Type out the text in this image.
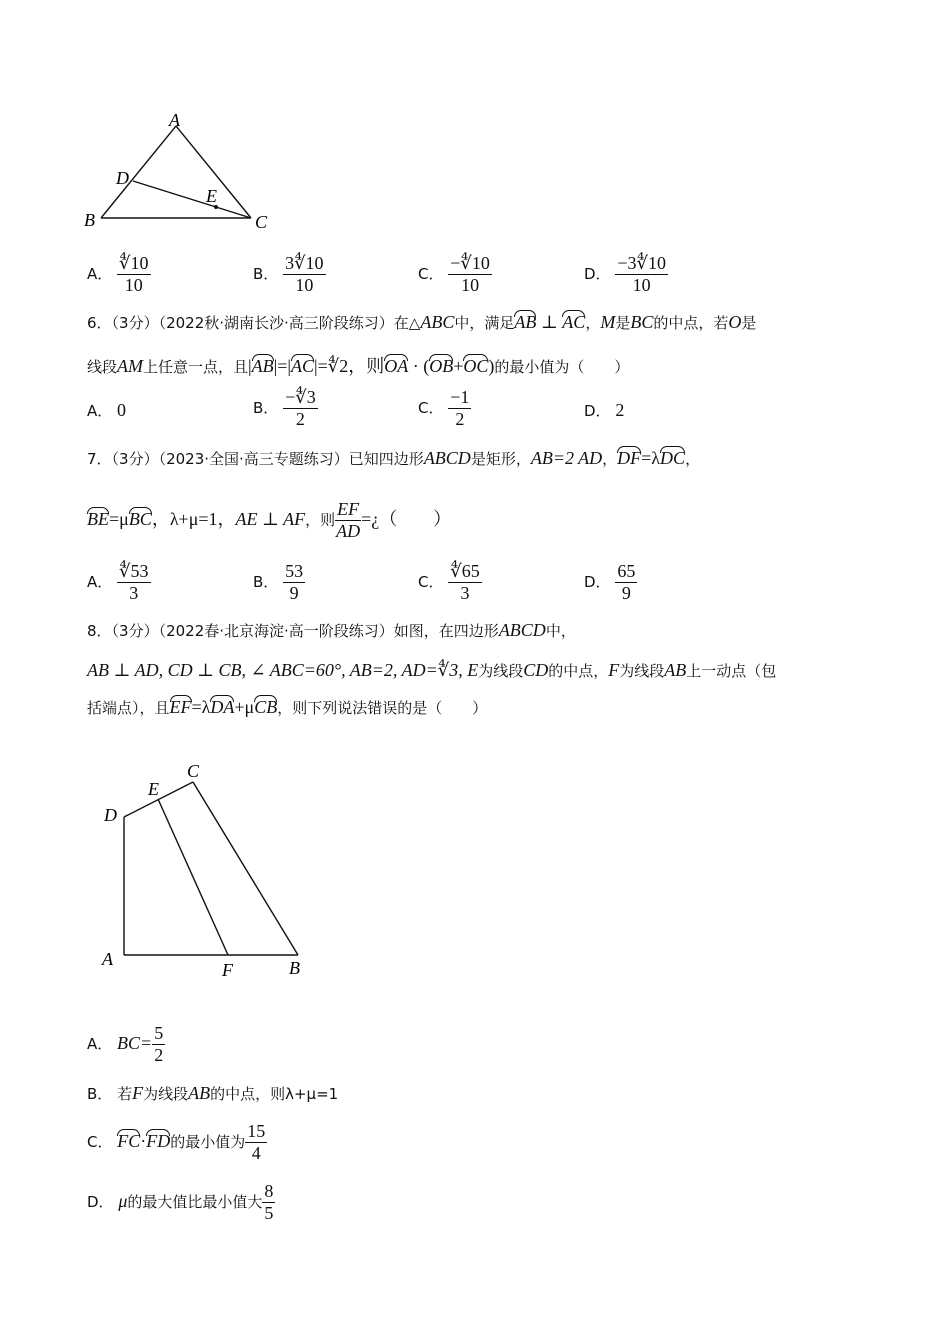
A
B	C
D
E
A． $\frac{∜10}{10}$	B． $\frac{3∜10}{10}$	C． $\frac{-∜10}{10}$	D． $\frac{-3∜10}{10}$
6．（3分）（2022秋·湖南长沙·高三阶段练习）在△ABC中，满足AB ⊥ AC，M是BC的中点，若O是
线段AM上任意一点，且|AB|=|AC|=∜2，则OA · (OB+OC)的最小值为（　　）
A． 0	B． $\frac{-∜3}{2}$	C． $\frac{-1}{2}$	D． 2
7．（3分）（2023·全国·高三专题练习）已知四边形ABCD是矩形，AB=2 AD，DF=λDC，
BE=μBC，λ+μ=1，AE ⊥ AF，则 $\frac{EF}{AD}$ =¿（　　）
A． $\frac{∜53}{3}$	B． $\frac{53}{9}$	C． $\frac{∜65}{3}$	D． $\frac{65}{9}$
8．（3分）（2022春·北京海淀·高一阶段练习）如图，在四边形ABCD中，
AB ⊥ AD, CD ⊥ CB, ∠ ABC=60°, AB=2, AD=∜3, E为线段CD的中点，F为线段AB上一动点（包
括端点），且EF=λDA+μCB，则下列说法错误的是（　　）
A	B
C
D
E
F
A． $BC= \frac{5}{2}$
B． 若F为线段AB的中点，则λ+μ=1
C． FC·FD的最小值为 $\frac{15}{4}$
D． μ的最大值比最小值大 $\frac{8}{5}$
